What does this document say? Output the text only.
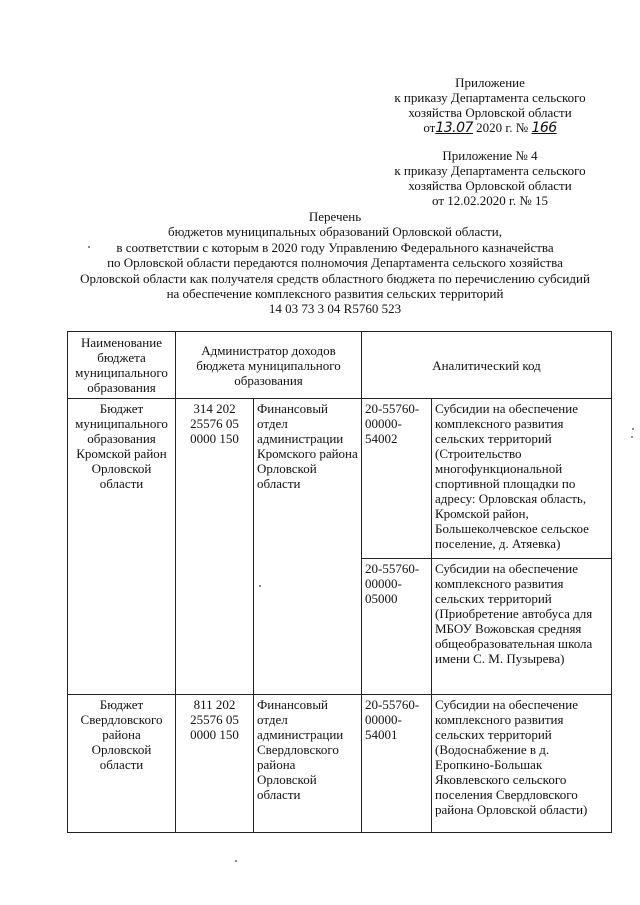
Приложение
к приказу Департамента сельского
хозяйства Орловской области
от13.07 2020 г. № 166
Приложение № 4
к приказу Департамента сельского
хозяйства Орловской области
от 12.02.2020 г. № 15
Перечень
бюджетов муниципальных образований Орловской области,
в соответствии с которым в 2020 году Управлению Федерального казначейства
по Орловской области передаются полномочия Департамента сельского хозяйства
Орловской области как получателя средств областного бюджета по перечислению субсидий
на обеспечение комплексного развития сельских территорий
14 03 73 3 04 R5760 523
Наименование бюджета муниципального образования	Администратор доходов бюджета муниципального образования		Аналитический код	
Бюджет муниципального образования Кромской район Орловской области	314 202 25576 05 0000 150	Финансовый отдел администрации Кромского района Орловской области	20-55760-00000-54002	Субсидии на обеспечение комплексного развития сельских территорий (Строительство многофункциональной спортивной площадки по адресу: Орловская область, Кромской район, Большеколчевское сельское поселение, д. Атяевка)
			20-55760-00000-05000	Субсидии на обеспечение комплексного развития сельских территорий (Приобретение автобуса для МБОУ Вожовская средняя общеобразовательная школа имени С. М. Пузырева)
Бюджет Свердловского района Орловской области	811 202 25576 05 0000 150	Финансовый отдел администрации Свердловского района Орловской области	20-55760-00000-54001	Субсидии на обеспечение комплексного развития сельских территорий (Водоснабжение в д. Еропкино-Большак Яковлевского сельского поселения Свердловского района Орловской области)
